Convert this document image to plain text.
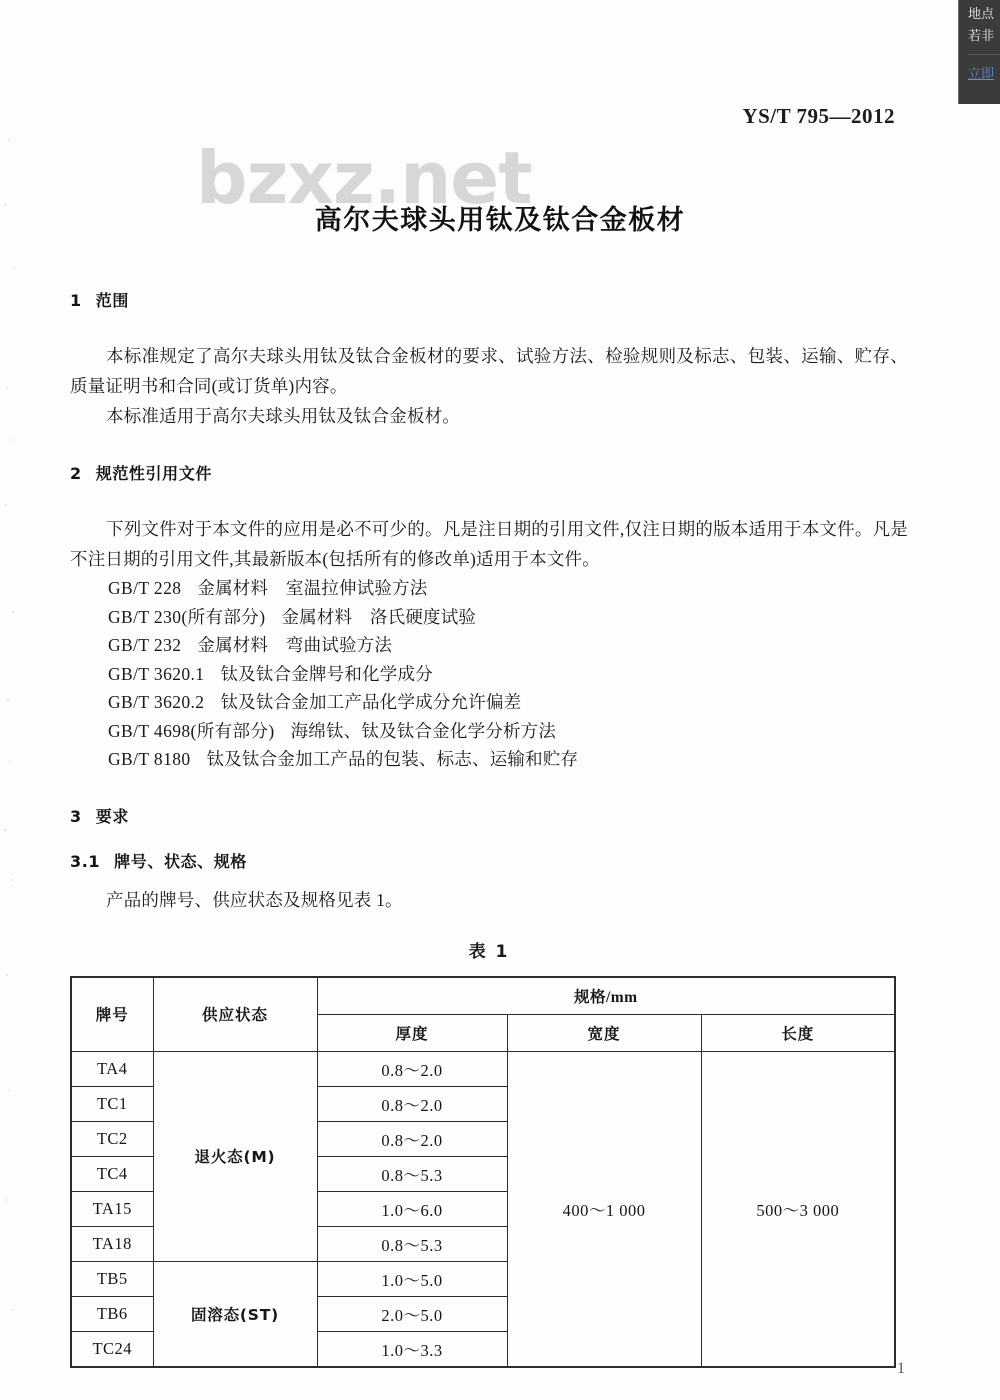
YS/T 795—2012
bzxz.net
高尔夫球头用钛及钛合金板材
1 范围
本标准规定了高尔夫球头用钛及钛合金板材的要求、试验方法、检验规则及标志、包装、运输、贮存、质量证明书和合同(或订货单)内容。
本标准适用于高尔夫球头用钛及钛合金板材。
2 规范性引用文件
下列文件对于本文件的应用是必不可少的。凡是注日期的引用文件,仅注日期的版本适用于本文件。凡是不注日期的引用文件,其最新版本(包括所有的修改单)适用于本文件。
GB/T 228 金属材料　室温拉伸试验方法
GB/T 230(所有部分) 金属材料　洛氏硬度试验
GB/T 232 金属材料　弯曲试验方法
GB/T 3620.1 钛及钛合金牌号和化学成分
GB/T 3620.2 钛及钛合金加工产品化学成分允许偏差
GB/T 4698(所有部分) 海绵钛、钛及钛合金化学分析方法
GB/T 8180 钛及钛合金加工产品的包装、标志、运输和贮存
3 要求
3.1 牌号、状态、规格
产品的牌号、供应状态及规格见表 1。
表 1
牌号	供应状态	规格/mm		
		厚度	宽度	长度
TA4	退火态(M)	0.8～2.0	400～1 000	500～3 000
TC1		0.8～2.0		
TC2		0.8～2.0		
TC4		0.8～5.3		
TA15		1.0～6.0		
TA18		0.8～5.3		
TB5	固溶态(ST)	1.0～5.0		
TB6		2.0～5.0		
TC24		1.0～3.3		
1
地点
若非
立即
